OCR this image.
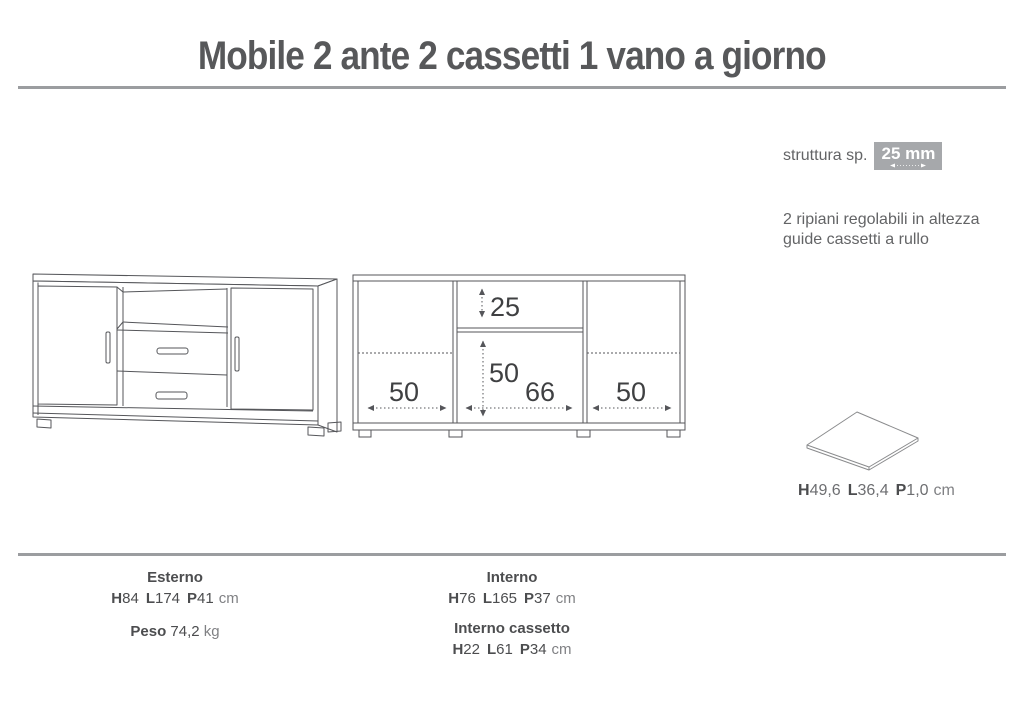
Mobile 2 ante 2 cassetti 1 vano a giorno
struttura sp. 25 mm
2 ripiani regolabili in altezza
guide cassetti a rullo
25
50
66
50	50
H49,6 L36,4 P1,0 cm
Esterno
H84 L174 P41 cm
Peso 74,2 kg
Interno
H76 L165 P37 cm
Interno cassetto
H22 L61 P34 cm
